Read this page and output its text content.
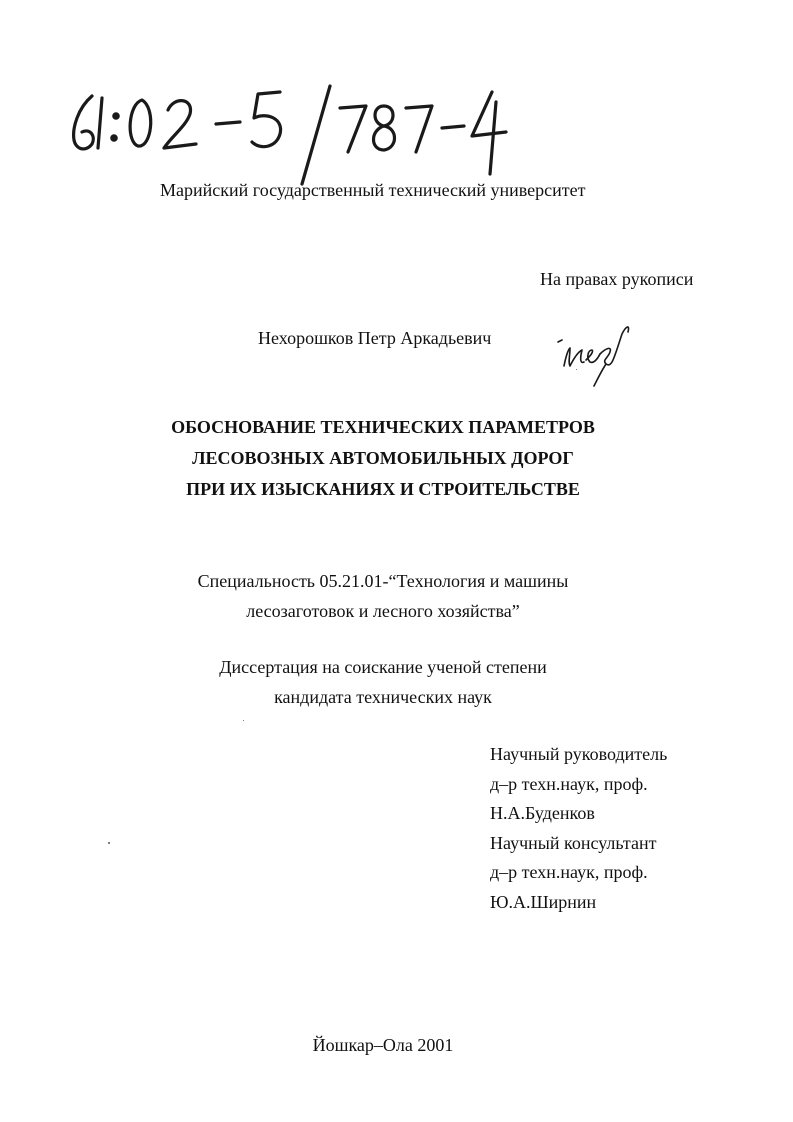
Марийский государственный технический университет
На правах рукописи
Нехорошков Петр Аркадьевич
ОБОСНОВАНИЕ ТЕХНИЧЕСКИХ ПАРАМЕТРОВ
ЛЕСОВОЗНЫХ АВТОМОБИЛЬНЫХ ДОРОГ
ПРИ ИХ ИЗЫСКАНИЯХ И СТРОИТЕЛЬСТВЕ
Специальность 05.21.01-“Технология и машины
лесозаготовок и лесного хозяйства”
Диссертация на соискание ученой степени
кандидата технических наук
Научный руководитель
д–р техн.наук, проф.
Н.А.Буденков
Научный консультант
д–р техн.наук, проф.
Ю.А.Ширнин
Йошкар–Ола 2001
